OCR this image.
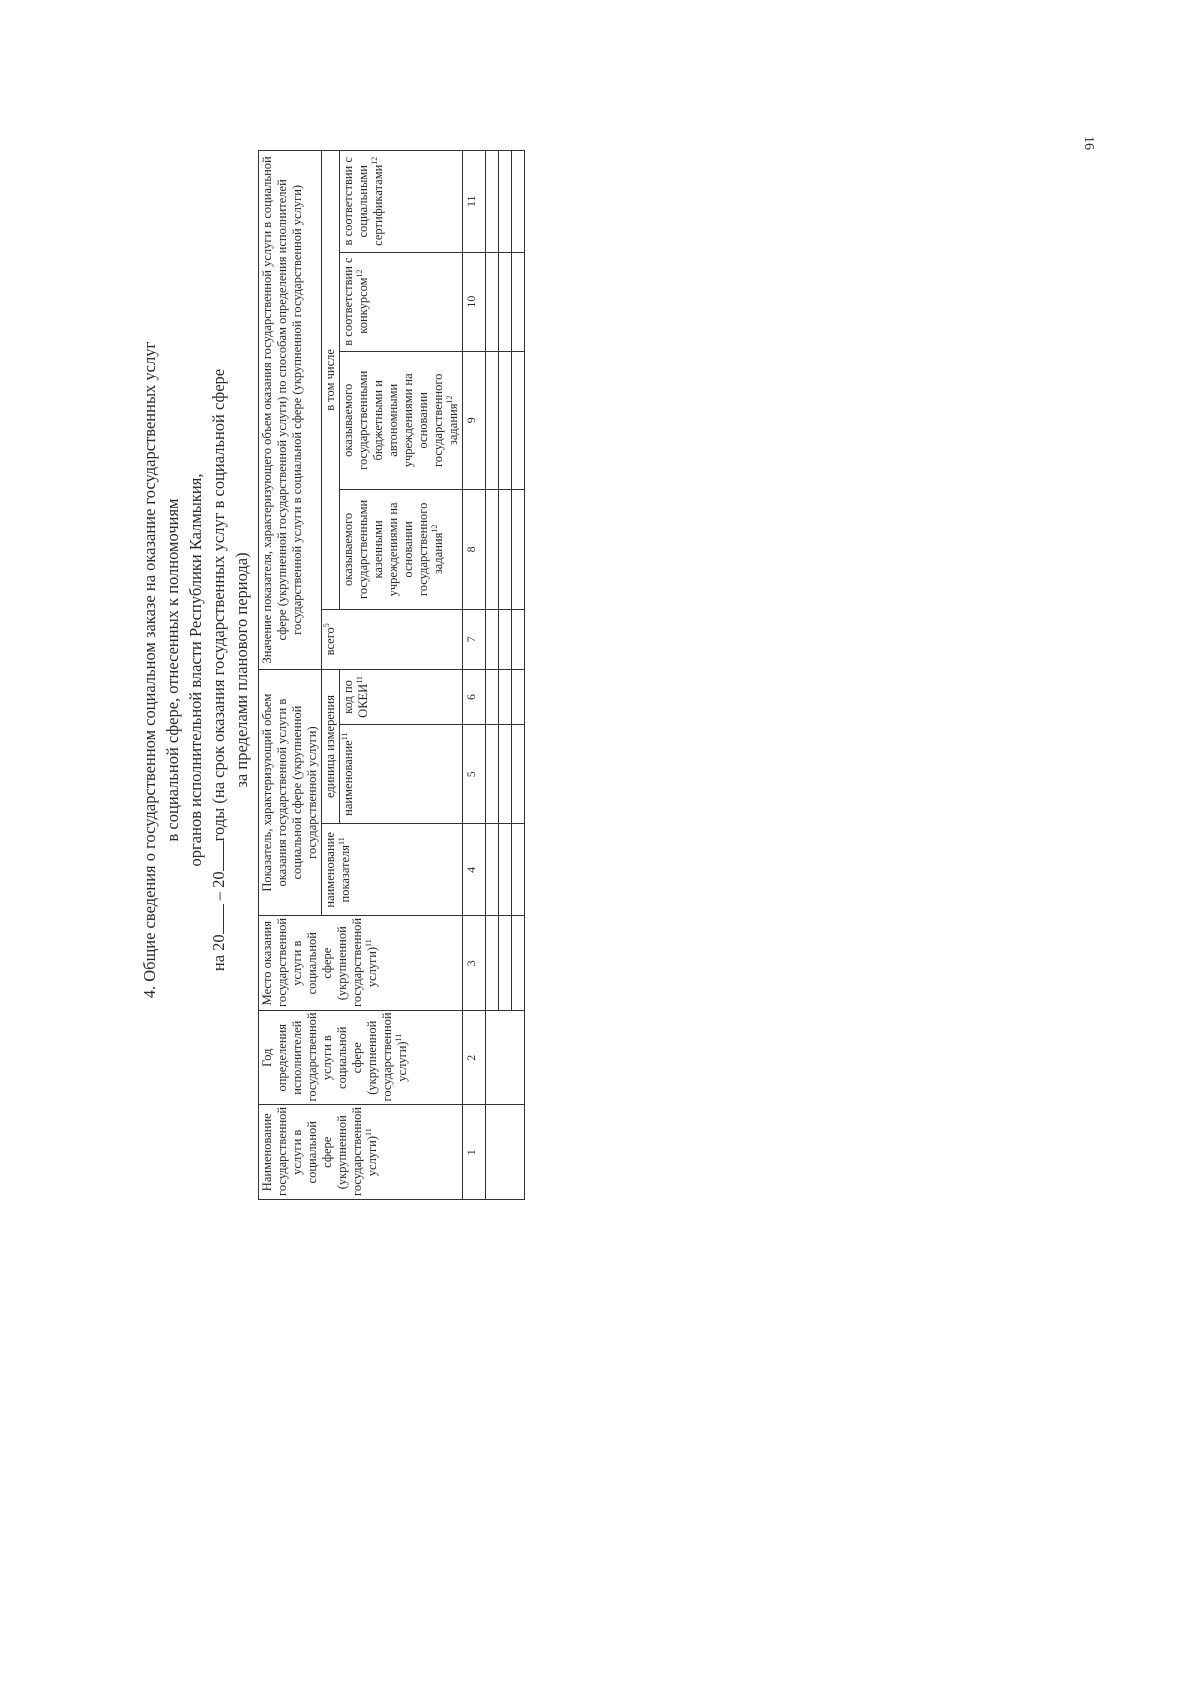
16
4. Общие сведения о государственном социальном заказе на оказание государственных услуг в социальной сфере, отнесенных к полномочиям органов исполнительной власти Республики Калмыкия,
на 20 – 20годы (на срок оказания государственных услуг в социальной сфере за пределами планового периода)
Наименование государственной услуги в социальной сфере (укрупненной государственной услуги)$^{11}$	Год определения исполнителей государственной услуги в социальной сфере (укрупненной государственной услуги)$^{11}$	Место оказания государственной услуги в социальной сфере (укрупненной государственной услуги)$^{11}$	Показатель, характеризующий объем оказания государственной услуги в социальной сфере (укрупненной государственной услуги)			Значение показателя, характеризующего объем оказания государственной услуги в социальной сфере (укрупненной государственной услуги) по способам определения исполнителей государственной услуги в социальной сфере (укрупненной государственной услуги)				
			наименование показателя$^{11}$	единица измерения		всего$^5$	в том числе			
				наименование$^{11}$	код по ОКЕИ$^{11}$		оказываемого государственными казенными учреждениями на основании государственного задания$^{12}$	оказываемого государственными бюджетными и автономными учреждениями на основании государственного задания$^{12}$	в соответствии с конкурсом$^{12}$	в соответствии с социальными сертификатами$^{12}$
1	2	3	4	5	6	7	8	9	10	11
